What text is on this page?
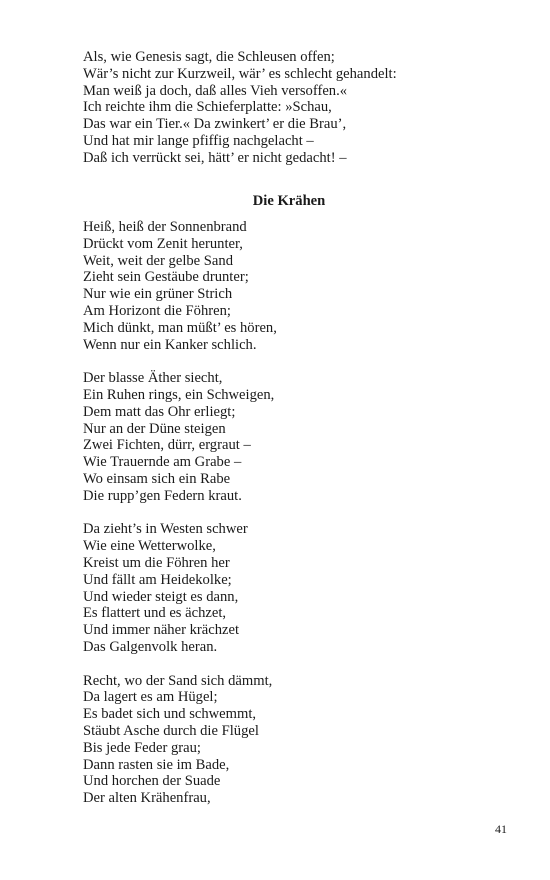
Als, wie Genesis sagt, die Schleusen offen;
Wär’s nicht zur Kurzweil, wär’ es schlecht gehandelt:
Man weiß ja doch, daß alles Vieh versoffen.«
Ich reichte ihm die Schieferplatte: »Schau,
Das war ein Tier.« Da zwinkert’ er die Brau’,
Und hat mir lange pfiffig nachgelacht –
Daß ich verrückt sei, hätt’ er nicht gedacht! –
Die Krähen
Heiß, heiß der Sonnenbrand
Drückt vom Zenit herunter,
Weit, weit der gelbe Sand
Zieht sein Gestäube drunter;
Nur wie ein grüner Strich
Am Horizont die Föhren;
Mich dünkt, man müßt’ es hören,
Wenn nur ein Kanker schlich.
Der blasse Äther siecht,
Ein Ruhen rings, ein Schweigen,
Dem matt das Ohr erliegt;
Nur an der Düne steigen
Zwei Fichten, dürr, ergraut –
Wie Trauernde am Grabe –
Wo einsam sich ein Rabe
Die rupp’gen Federn kraut.
Da zieht’s in Westen schwer
Wie eine Wetterwolke,
Kreist um die Föhren her
Und fällt am Heidekolke;
Und wieder steigt es dann,
Es flattert und es ächzet,
Und immer näher krächzet
Das Galgenvolk heran.
Recht, wo der Sand sich dämmt,
Da lagert es am Hügel;
Es badet sich und schwemmt,
Stäubt Asche durch die Flügel
Bis jede Feder grau;
Dann rasten sie im Bade,
Und horchen der Suade
Der alten Krähenfrau,
41
